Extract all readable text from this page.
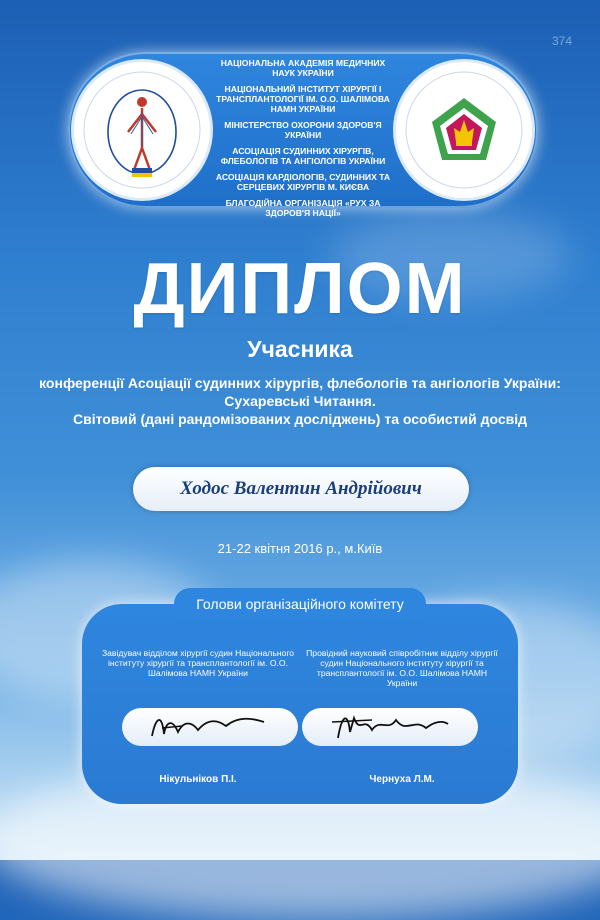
374
НАЦІОНАЛЬНА АКАДЕМІЯ МЕДИЧНИХ НАУК УКРАЇНИ
НАЦІОНАЛЬНИЙ ІНСТИТУТ ХІРУРГІЇ І ТРАНСПЛАНТОЛОГІЇ ІМ. О.О. ШАЛІМОВА НАМН УКРАЇНИ
МІНІСТЕРСТВО ОХОРОНИ ЗДОРОВ'Я УКРАЇНИ
АСОЦІАЦІЯ СУДИННИХ ХІРУРГІВ, ФЛЕБОЛОГІВ ТА АНГІОЛОГІВ УКРАЇНИ
АСОЦІАЦІЯ КАРДІОЛОГІВ, СУДИННИХ ТА СЕРЦЕВИХ ХІРУРГІВ М. КИЄВА
БЛАГОДІЙНА ОРГАНІЗАЦІЯ «РУХ ЗА ЗДОРОВ'Я НАЦІЇ»
ДИПЛОМ
Учасника
конференції Асоціації судинних хірургів, флебологів та ангіологів України:
Сухаревські Читання.
Світовий (дані рандомізованих досліджень) та особистий досвід
Ходос Валентин Андрійович
21-22 квітня 2016 р., м.Київ
Голови організаційного комітету
Завідувач відділом хірургії судин Національного інституту хірургії та трансплантології ім. О.О. Шалімова НАМН України
Провідний науковий співробітник відділу хірургії судин Національного інституту хірургії та трансплантології ім. О.О. Шалімова НАМН України
Нікульніков П.І.	Чернуха Л.М.
